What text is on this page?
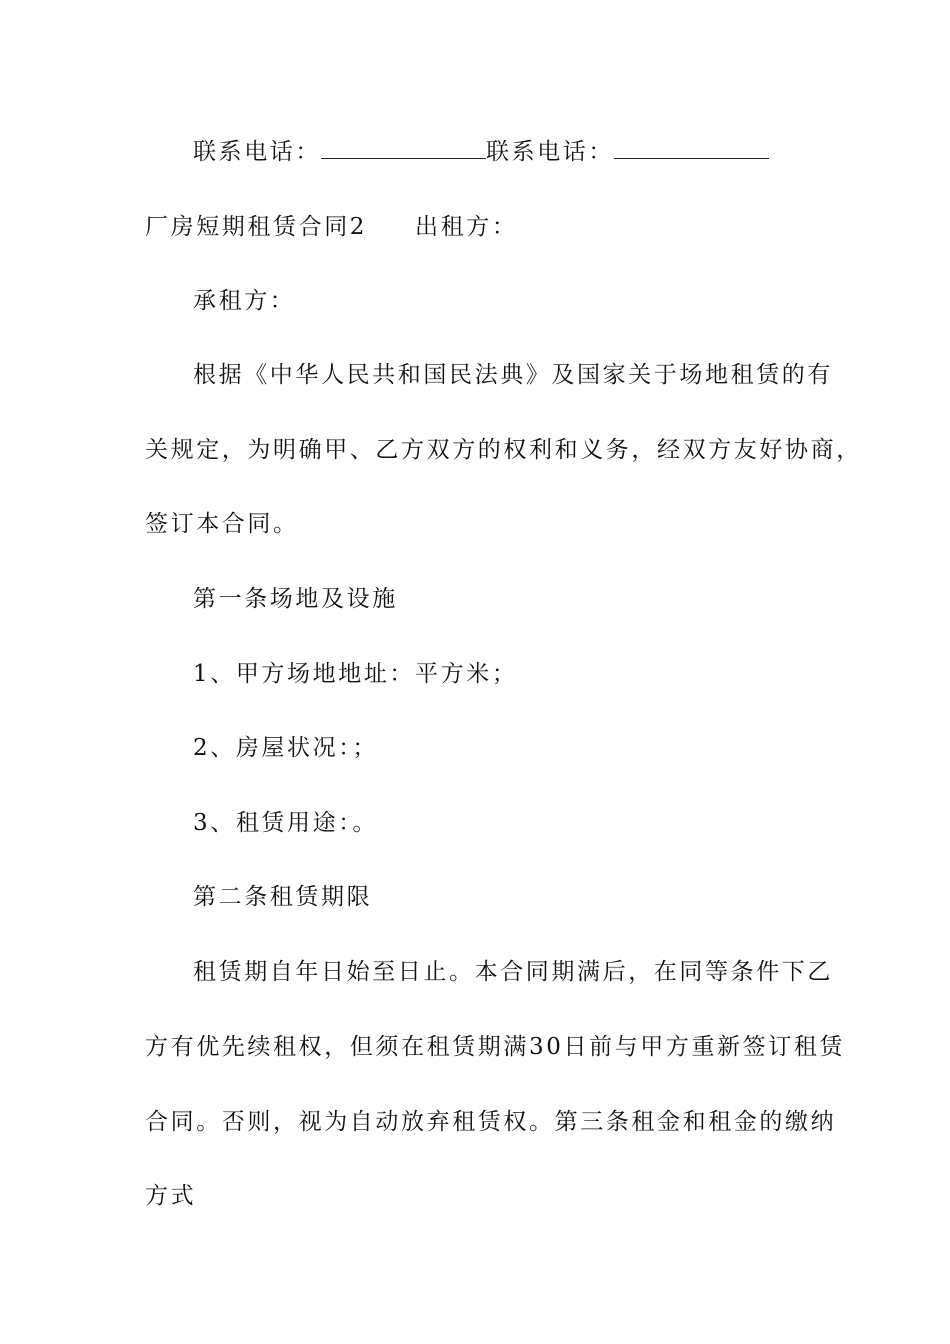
联系电话：	联系电话：
厂房短期租赁合同2 出租方：
承租方：
根据《中华人民共和国民法典》及国家关于场地租赁的有
关规定，为明确甲、乙方双方的权利和义务，经双方友好协商，
签订本合同。
第一条场地及设施
1、甲方场地地址：平方米；
2、房屋状况：；
3、租赁用途：。
第二条租赁期限
租赁期自年日始至日止。本合同期满后，在同等条件下乙
方有优先续租权，但须在租赁期满30日前与甲方重新签订租赁
合同。否则，视为自动放弃租赁权。第三条租金和租金的缴纳
方式
